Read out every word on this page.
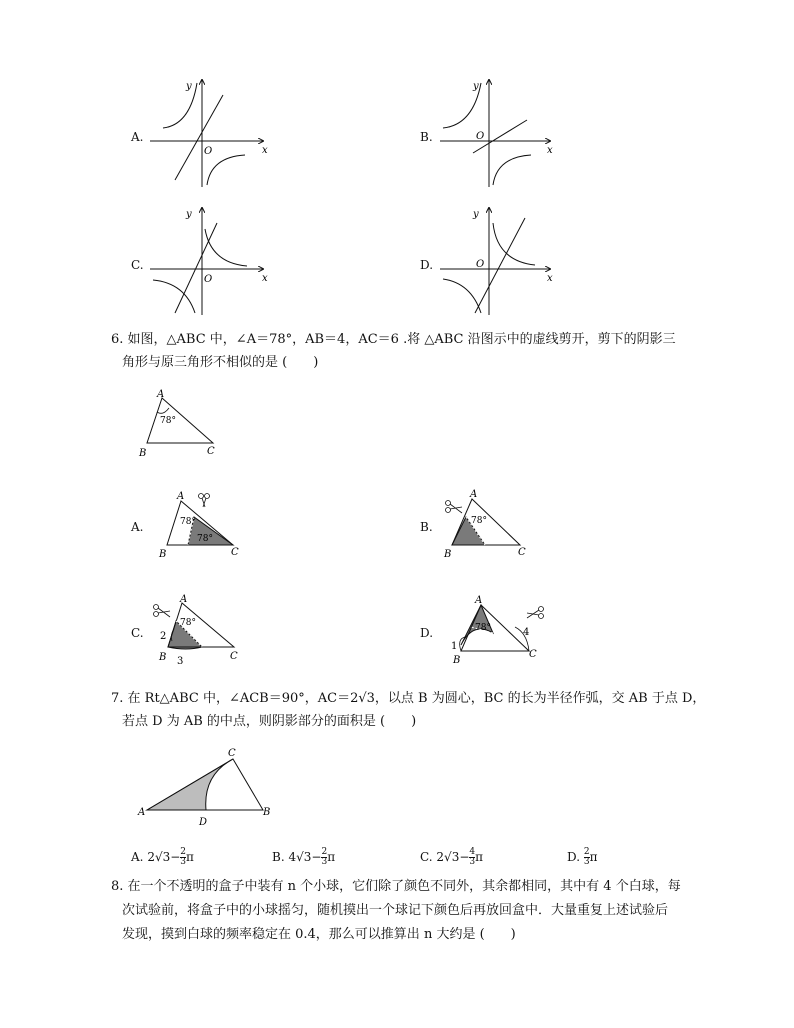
A.	B.
C.	D.
y
x
O
y
x
O
y
x
O
y
x
O
6. 如图，△ABC 中，∠A＝78°，AB＝4，AC＝6 .将 △ABC 沿图示中的虚线剪开，剪下的阴影三
角形与原三角形不相似的是 (　　)
A
B	C
78°
A.	B.
C.	D.
A
B	C
78°
78°
A
B	C
78°
A
B	C
78°
2
3
A
B
C
78°
1
4
7. 在 Rt△ABC 中，∠ACB＝90°，AC＝2√3，以点 B 为圆心，BC 的长为半径作弧，交 AB 于点 D，
若点 D 为 AB 的中点，则阴影部分的面积是 (　　)
A	B
C
D
A. $2√3- \frac{2}{3}$ π	B. $4√3- \frac{2}{3}$ π	C. $2√3- \frac{4}{3}$ π	D. $\frac{2}{3}$ π
8. 在一个不透明的盒子中装有 n 个小球，它们除了颜色不同外，其余都相同，其中有 4 个白球，每
次试验前，将盒子中的小球摇匀，随机摸出一个球记下颜色后再放回盒中．大量重复上述试验后
发现，摸到白球的频率稳定在 0.4，那么可以推算出 n 大约是 (　　)
